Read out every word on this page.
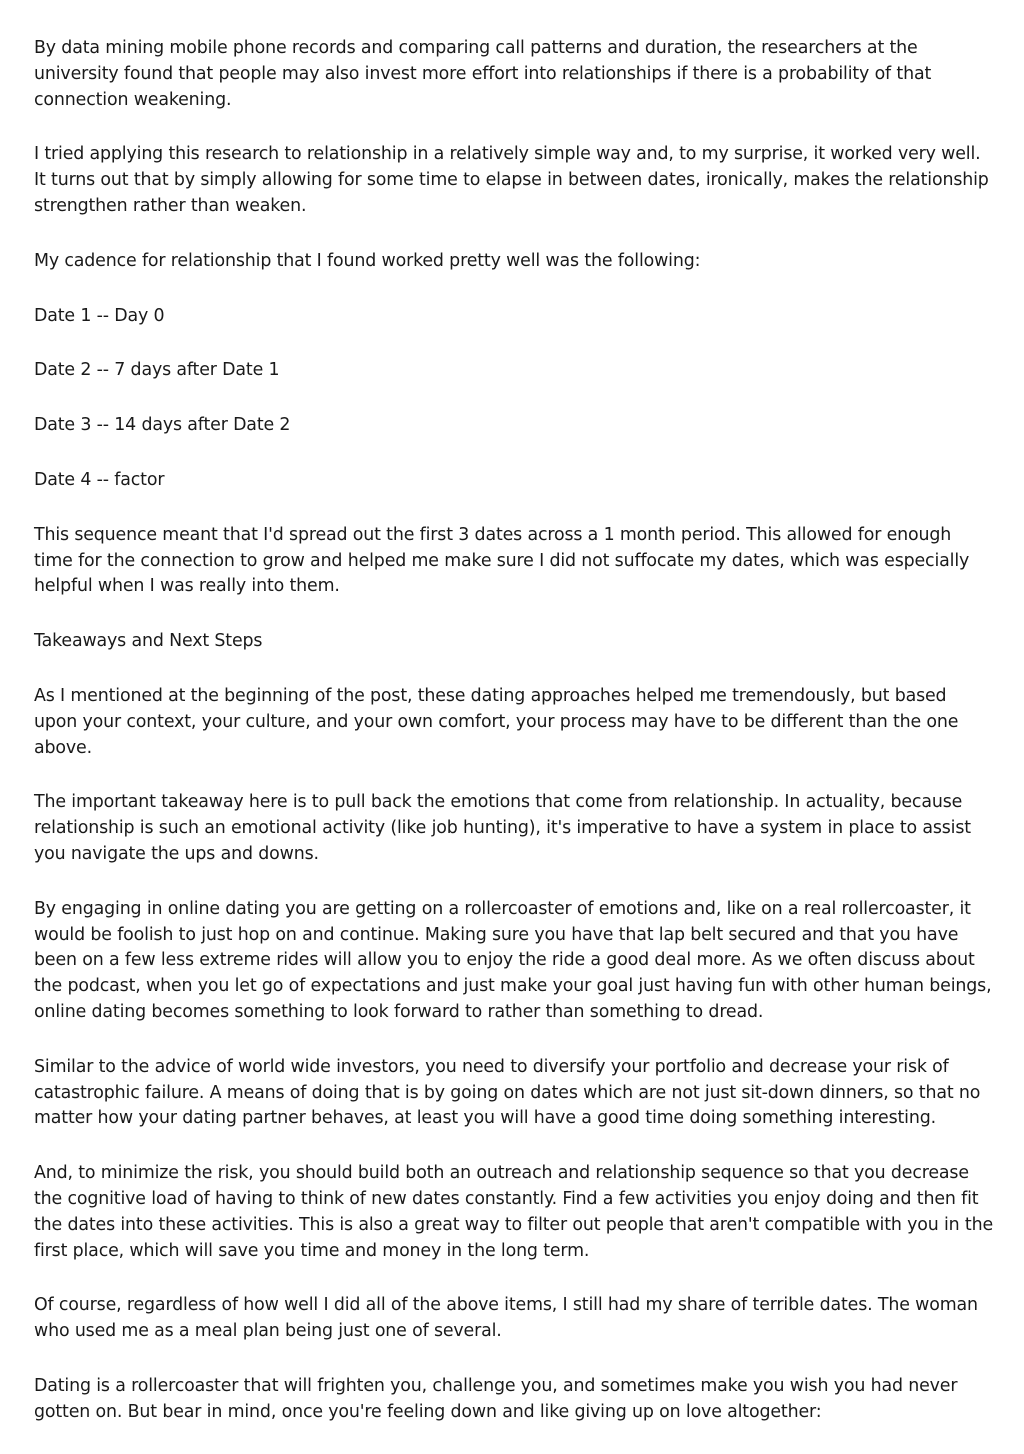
By data mining mobile phone records and comparing call patterns and duration, the researchers at the university found that people may also invest more effort into relationships if there is a probability of that connection weakening.

I tried applying this research to relationship in a relatively simple way and, to my surprise, it worked very well. It turns out that by simply allowing for some time to elapse in between dates, ironically, makes the relationship strengthen rather than weaken.

My cadence for relationship that I found worked pretty well was the following:

Date 1 -- Day 0

Date 2 -- 7 days after Date 1

Date 3 -- 14 days after Date 2

Date 4 -- factor

This sequence meant that I'd spread out the first 3 dates across a 1 month period. This allowed for enough time for the connection to grow and helped me make sure I did not suffocate my dates, which was especially helpful when I was really into them.

Takeaways and Next Steps

As I mentioned at the beginning of the post, these dating approaches helped me tremendously, but based upon your context, your culture, and your own comfort, your process may have to be different than the one above.

The important takeaway here is to pull back the emotions that come from relationship. In actuality, because relationship is such an emotional activity (like job hunting), it's imperative to have a system in place to assist you navigate the ups and downs.

By engaging in online dating you are getting on a rollercoaster of emotions and, like on a real rollercoaster, it would be foolish to just hop on and continue. Making sure you have that lap belt secured and that you have been on a few less extreme rides will allow you to enjoy the ride a good deal more. As we often discuss about the podcast, when you let go of expectations and just make your goal just having fun with other human beings, online dating becomes something to look forward to rather than something to dread.

Similar to the advice of world wide investors, you need to diversify your portfolio and decrease your risk of catastrophic failure. A means of doing that is by going on dates which are not just sit-down dinners, so that no matter how your dating partner behaves, at least you will have a good time doing something interesting.

And, to minimize the risk, you should build both an outreach and relationship sequence so that you decrease the cognitive load of having to think of new dates constantly. Find a few activities you enjoy doing and then fit the dates into these activities. This is also a great way to filter out people that aren't compatible with you in the first place, which will save you time and money in the long term.

Of course, regardless of how well I did all of the above items, I still had my share of terrible dates. The woman who used me as a meal plan being just one of several.

Dating is a rollercoaster that will frighten you, challenge you, and sometimes make you wish you had never gotten on. But bear in mind, once you're feeling down and like giving up on love altogether:
